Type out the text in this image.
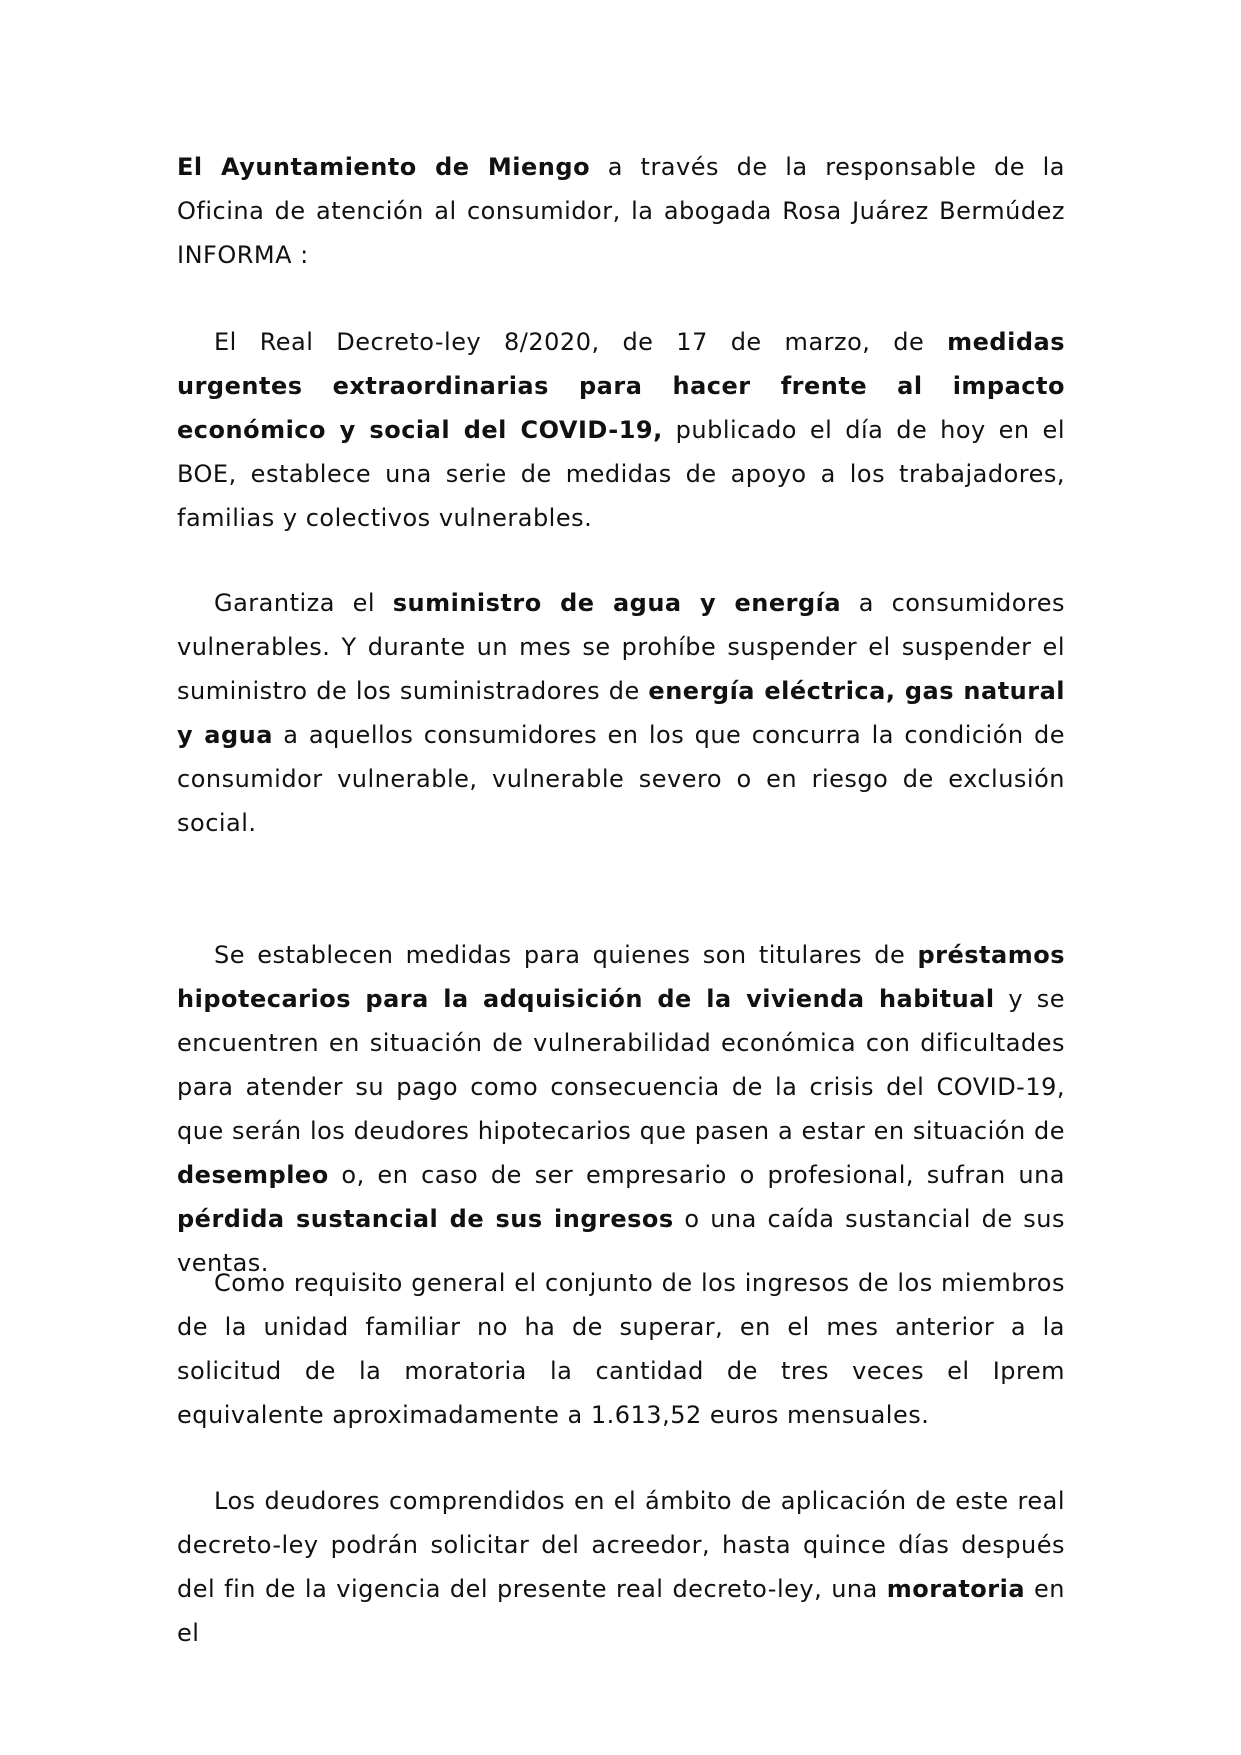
El Ayuntamiento de Miengo a través de la responsable de la Oficina de atención al consumidor, la abogada Rosa Juárez Bermúdez INFORMA :

El Real Decreto-ley 8/2020, de 17 de marzo, de medidas urgentes extraordinarias para hacer frente al impacto económico y social del COVID-19, publicado el día de hoy en el BOE, establece una serie de medidas de apoyo a los trabajadores, familias y colectivos vulnerables.

Garantiza el suministro de agua y energía a consumidores vulnerables. Y durante un mes se prohíbe suspender el suspender el suministro de los suministradores de energía eléctrica, gas natural y agua a aquellos consumidores en los que concurra la condición de consumidor vulnerable, vulnerable severo o en riesgo de exclusión social.

Se establecen medidas para quienes son titulares de préstamos hipotecarios para la adquisición de la vivienda habitual y se encuentren en situación de vulnerabilidad económica con dificultades para atender su pago como consecuencia de la crisis del COVID-19, que serán los deudores hipotecarios que pasen a estar en situación de desempleo o, en caso de ser empresario o profesional, sufran una pérdida sustancial de sus ingresos o una caída sustancial de sus ventas.

Como requisito general el conjunto de los ingresos de los miembros de la unidad familiar no ha de superar, en el mes anterior a la solicitud de la moratoria la cantidad de tres veces el Iprem equivalente aproximadamente a 1.613,52 euros mensuales.

Los deudores comprendidos en el ámbito de aplicación de este real decreto-ley podrán solicitar del acreedor, hasta quince días después del fin de la vigencia del presente real decreto-ley, una moratoria en el
